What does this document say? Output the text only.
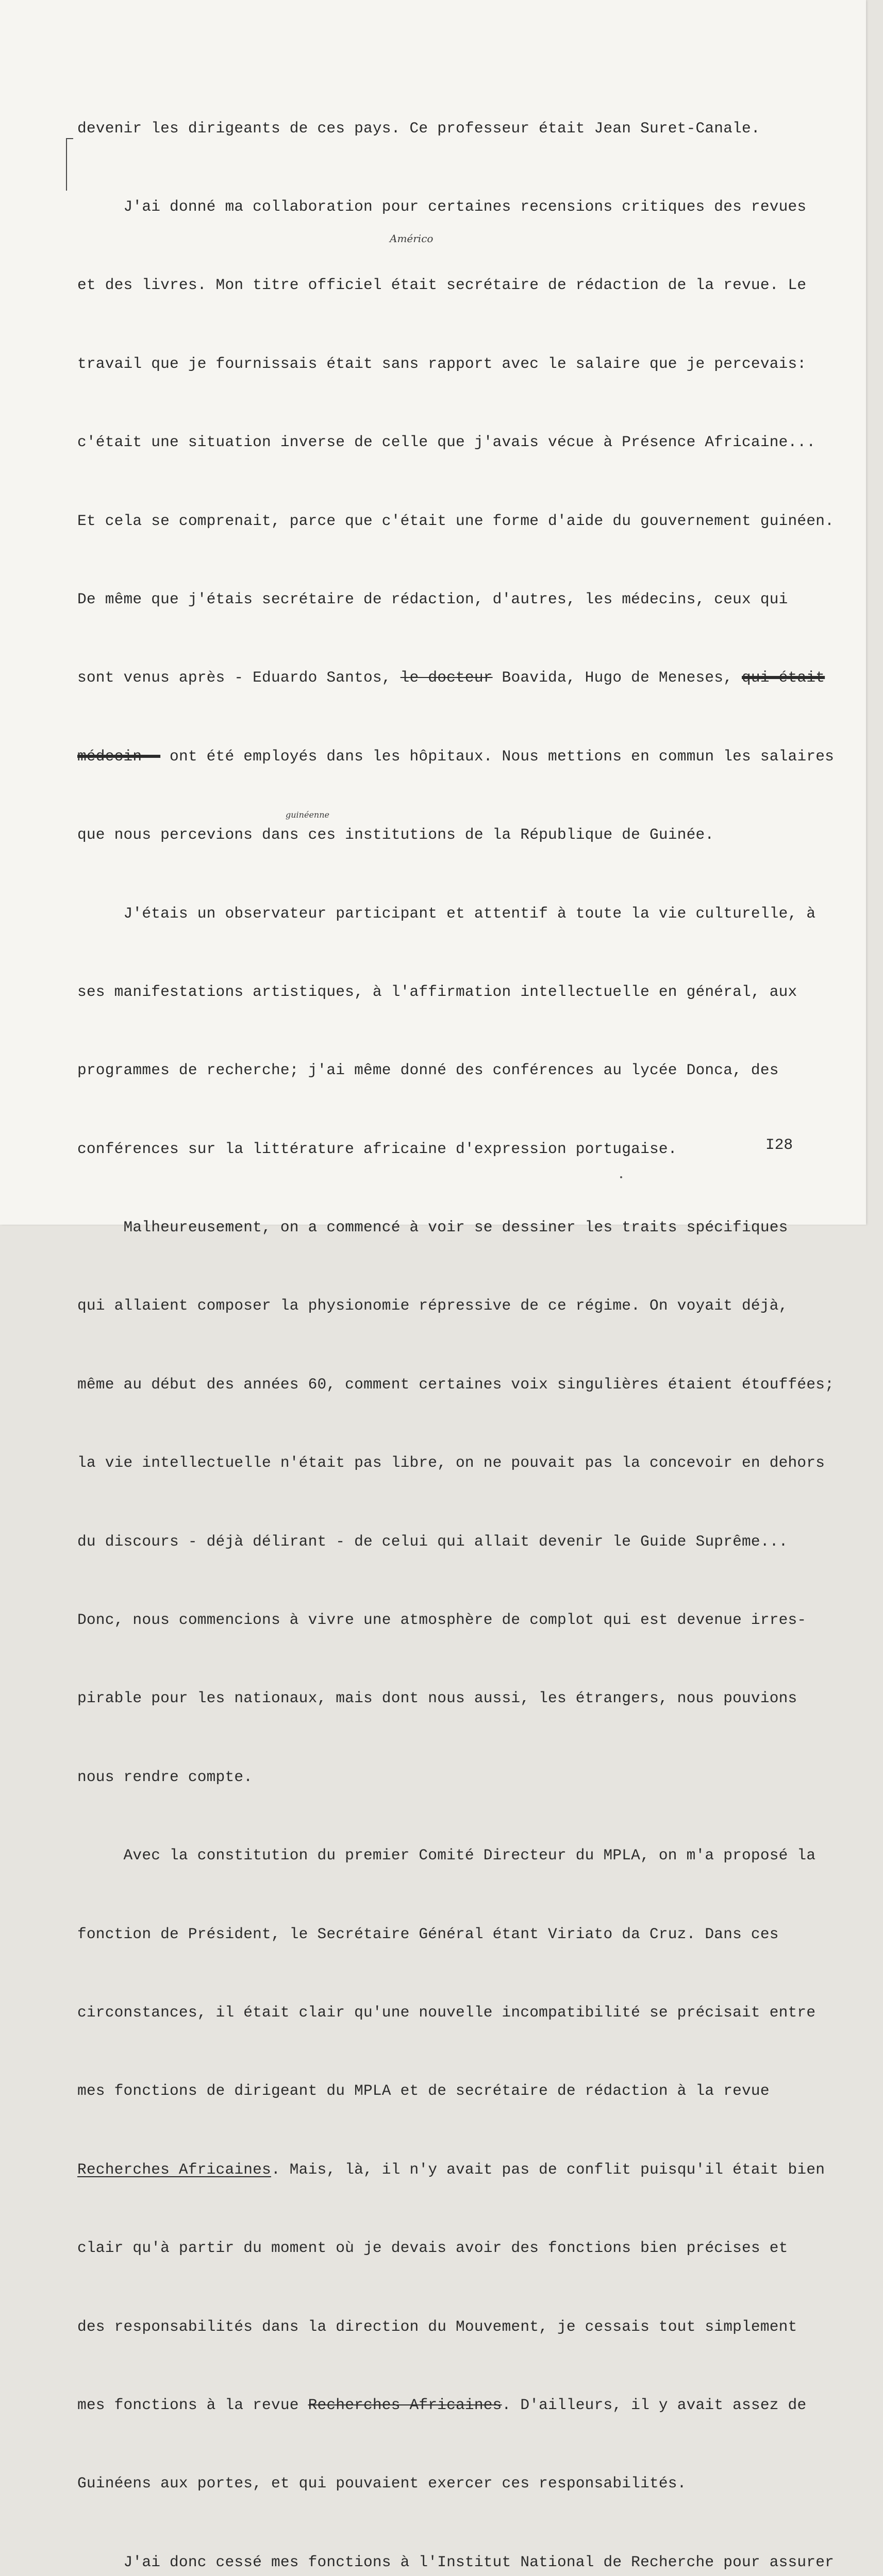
devenir les dirigeants de ces pays. Ce professeur était Jean Suret-Canale.

J'ai donné ma collaboration pour certaines recensions critiques des revues

et des livres. Mon titre officiel était secrétaire de rédaction de la revue. Le

travail que je fournissais était sans rapport avec le salaire que je percevais:

c'était une situation inverse de celle que j'avais vécue à Présence Africaine...

Et cela se comprenait, parce que c'était une forme d'aide du gouvernement guinéen.

De même que j'étais secrétaire de rédaction, d'autres, les médecins, ceux qui

sont venus après - Eduardo Santos, le docteur Boavida, Hugo de Meneses, qui était

médecin - ont été employés dans les hôpitaux. Nous mettions en commun les salaires

que nous percevions dans ces institutions de la République de Guinée.

J'étais un observateur participant et attentif à toute la vie culturelle, à

ses manifestations artistiques, à l'affirmation intellectuelle en général, aux

programmes de recherche; j'ai même donné des conférences au lycée Donca, des

conférences sur la littérature africaine d'expression portugaise.

Malheureusement, on a commencé à voir se dessiner les traits spécifiques

qui allaient composer la physionomie répressive de ce régime. On voyait déjà,

même au début des années 60, comment certaines voix singulières étaient étouffées;

la vie intellectuelle n'était pas libre, on ne pouvait pas la concevoir en dehors

du discours - déjà délirant - de celui qui allait devenir le Guide Suprême...

Donc, nous commencions à vivre une atmosphère de complot qui est devenue irres-

pirable pour les nationaux, mais dont nous aussi, les étrangers, nous pouvions

nous rendre compte.

Avec la constitution du premier Comité Directeur du MPLA, on m'a proposé la

fonction de Président, le Secrétaire Général étant Viriato da Cruz. Dans ces

circonstances, il était clair qu'une nouvelle incompatibilité se précisait entre

mes fonctions de dirigeant du MPLA et de secrétaire de rédaction à la revue

Recherches Africaines. Mais, là, il n'y avait pas de conflit puisqu'il était bien

clair qu'à partir du moment où je devais avoir des fonctions bien précises et

des responsabilités dans la direction du Mouvement, je cessais tout simplement

mes fonctions à la revue Recherches Africaines. D'ailleurs, il y avait assez de

Guinéens aux portes, et qui pouvaient exercer ces responsabilités.

J'ai donc cessé mes fonctions à l'Institut National de Recherche pour assurer

Américo
guinéenne
I28
